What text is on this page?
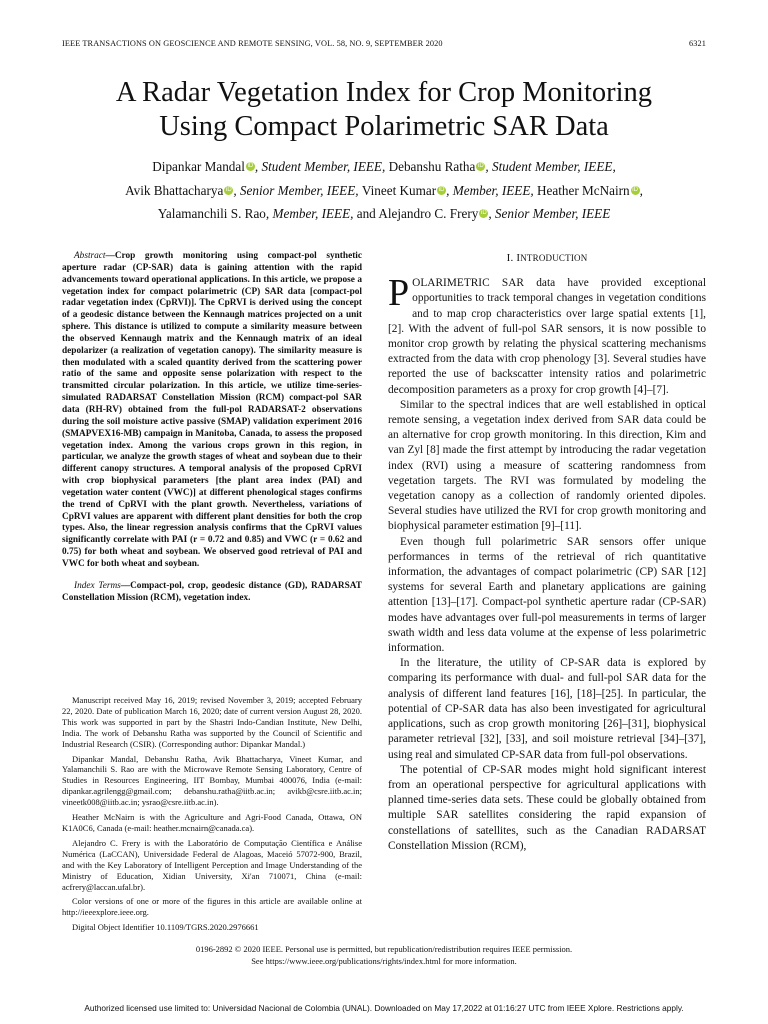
IEEE TRANSACTIONS ON GEOSCIENCE AND REMOTE SENSING, VOL. 58, NO. 9, SEPTEMBER 2020	6321
A Radar Vegetation Index for Crop Monitoring
Using Compact Polarimetric SAR Data
Dipankar Mandal iD , Student Member, IEEE, Debanshu Ratha iD , Student Member, IEEE,
Avik Bhattacharya iD , Senior Member, IEEE, Vineet Kumar iD , Member, IEEE, Heather McNairn iD ,
Yalamanchili S. Rao, Member, IEEE, and Alejandro C. Frery iD , Senior Member, IEEE

Abstract—Crop growth monitoring using compact-pol synthetic aperture radar (CP-SAR) data is gaining attention with the rapid advancements toward operational applications. In this article, we propose a vegetation index for compact polarimetric (CP) SAR data [compact-pol radar vegetation index (CpRVI)]. The CpRVI is derived using the concept of a geodesic distance between the Kennaugh matrices projected on a unit sphere. This distance is utilized to compute a similarity measure between the observed Kennaugh matrix and the Kennaugh matrix of an ideal depolarizer (a realization of vegetation canopy). The similarity measure is then modulated with a scaled quantity derived from the scattering power ratio of the same and opposite sense polarization with respect to the transmitted circular polarization. In this article, we utilize time-series-simulated RADARSAT Constellation Mission (RCM) compact-pol SAR data (RH-RV) obtained from the full-pol RADARSAT-2 observations during the soil moisture active passive (SMAP) validation experiment 2016 (SMAPVEX16-MB) campaign in Manitoba, Canada, to assess the proposed vegetation index. Among the various crops grown in this region, in particular, we analyze the growth stages of wheat and soybean due to their different canopy structures. A temporal analysis of the proposed CpRVI with crop biophysical parameters [the plant area index (PAI) and vegetation water content (VWC)] at different phenological stages confirms the trend of CpRVI with the plant growth. Nevertheless, variations of CpRVI values are apparent with different plant densities for both the crop types. Also, the linear regression analysis confirms that the CpRVI values significantly correlate with PAI (r = 0.72 and 0.85) and VWC (r = 0.62 and 0.75) for both wheat and soybean. We observed good retrieval of PAI and VWC for both wheat and soybean.

Index Terms—Compact-pol, crop, geodesic distance (GD), RADARSAT Constellation Mission (RCM), vegetation index.

Manuscript received May 16, 2019; revised November 3, 2019; accepted February 22, 2020. Date of publication March 16, 2020; date of current version August 28, 2020. This work was supported in part by the Shastri Indo-Candian Institute, New Delhi, India. The work of Debanshu Ratha was supported by the Council of Scientific and Industrial Research (CSIR). (Corresponding author: Dipankar Mandal.)

Dipankar Mandal, Debanshu Ratha, Avik Bhattacharya, Vineet Kumar, and Yalamanchili S. Rao are with the Microwave Remote Sensing Laboratory, Centre of Studies in Resources Engineering, IIT Bombay, Mumbai 400076, India (e-mail: dipankar.agrilengg@gmail.com; debanshu.ratha@iitb.ac.in; avikb@csre.iitb.ac.in; vineetk008@iitb.ac.in; ysrao@csre.iitb.ac.in).

Heather McNairn is with the Agriculture and Agri-Food Canada, Ottawa, ON K1A0C6, Canada (e-mail: heather.mcnairn@canada.ca).

Alejandro C. Frery is with the Laboratório de Computação Científica e Análise Numérica (LaCCAN), Universidade Federal de Alagoas, Maceió 57072-900, Brazil, and with the Key Laboratory of Intelligent Perception and Image Understanding of the Ministry of Education, Xidian University, Xi'an 710071, China (e-mail: acfrery@laccan.ufal.br).

Color versions of one or more of the figures in this article are available online at http://ieeexplore.ieee.org.

Digital Object Identifier 10.1109/TGRS.2020.2976661

I. INTRODUCTION

POLARIMETRIC SAR data have provided exceptional opportunities to track temporal changes in vegetation conditions and to map crop characteristics over large spatial extents [1], [2]. With the advent of full-pol SAR sensors, it is now possible to monitor crop growth by relating the physical scattering mechanisms extracted from the data with crop phenology [3]. Several studies have reported the use of backscatter intensity ratios and polarimetric decomposition parameters as a proxy for crop growth [4]–[7].

Similar to the spectral indices that are well established in optical remote sensing, a vegetation index derived from SAR data could be an alternative for crop growth monitoring. In this direction, Kim and van Zyl [8] made the first attempt by introducing the radar vegetation index (RVI) using a measure of scattering randomness from vegetation targets. The RVI was formulated by modeling the vegetation canopy as a collection of randomly oriented dipoles. Several studies have utilized the RVI for crop growth monitoring and biophysical parameter estimation [9]–[11].

Even though full polarimetric SAR sensors offer unique performances in terms of the retrieval of rich quantitative information, the advantages of compact polarimetric (CP) SAR [12] systems for several Earth and planetary applications are gaining attention [13]–[17]. Compact-pol synthetic aperture radar (CP-SAR) modes have advantages over full-pol measurements in terms of larger swath width and less data volume at the expense of less polarimetric information.

In the literature, the utility of CP-SAR data is explored by comparing its performance with dual- and full-pol SAR data for the analysis of different land features [16], [18]–[25]. In particular, the potential of CP-SAR data has also been investigated for agricultural applications, such as crop growth monitoring [26]–[31], biophysical parameter retrieval [32], [33], and soil moisture retrieval [34]–[37], using real and simulated CP-SAR data from full-pol observations.

The potential of CP-SAR modes might hold significant interest from an operational perspective for agricultural applications with planned time-series data sets. These could be globally obtained from multiple SAR satellites considering the rapid expansion of constellations of satellites, such as the Canadian RADARSAT Constellation Mission (RCM),

0196-2892 © 2020 IEEE. Personal use is permitted, but republication/redistribution requires IEEE permission.
See https://www.ieee.org/publications/rights/index.html for more information.
Authorized licensed use limited to: Universidad Nacional de Colombia (UNAL). Downloaded on May 17,2022 at 01:16:27 UTC from IEEE Xplore. Restrictions apply.
